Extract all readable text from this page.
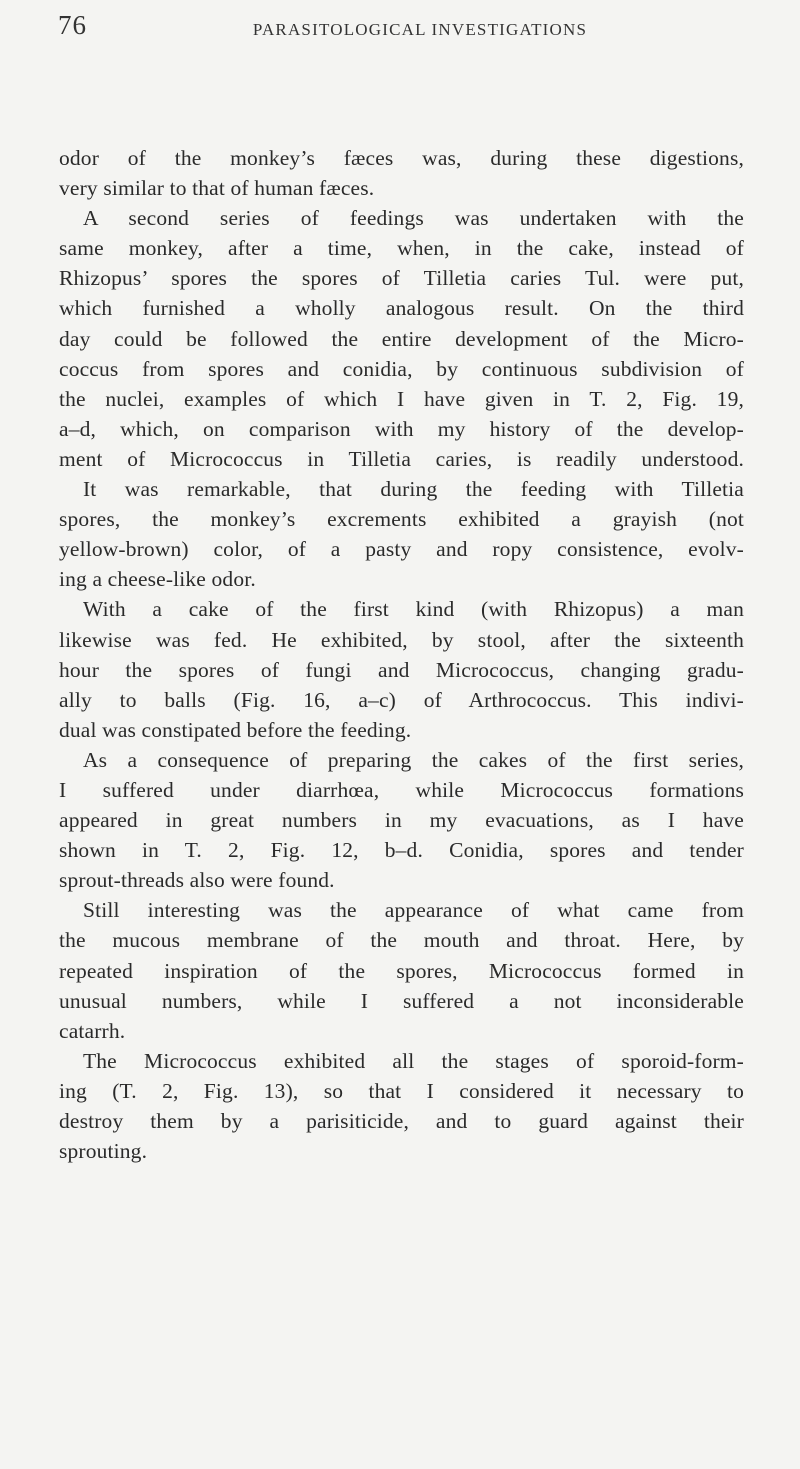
76	PARASITOLOGICAL INVESTIGATIONS
odor of the monkey’s fæces was, during these digestions,
very similar to that of human fæces.
A second series of feedings was undertaken with the
same monkey, after a time, when, in the cake, instead of
Rhizopus’ spores the spores of Tilletia caries Tul. were put,
which furnished a wholly analogous result. On the third
day could be followed the entire development of the Micro-
coccus from spores and conidia, by continuous subdivision of
the nuclei, examples of which I have given in T. 2, Fig. 19,
a–d, which, on comparison with my history of the develop-
ment of Micrococcus in Tilletia caries, is readily understood.
It was remarkable, that during the feeding with Tilletia
spores, the monkey’s excrements exhibited a grayish (not
yellow-brown) color, of a pasty and ropy consistence, evolv-
ing a cheese-like odor.
With a cake of the first kind (with Rhizopus) a man
likewise was fed. He exhibited, by stool, after the sixteenth
hour the spores of fungi and Micrococcus, changing gradu-
ally to balls (Fig. 16, a–c) of Arthrococcus. This indivi-
dual was constipated before the feeding.
As a consequence of preparing the cakes of the first series,
I suffered under diarrhœa, while Micrococcus formations
appeared in great numbers in my evacuations, as I have
shown in T. 2, Fig. 12, b–d. Conidia, spores and tender
sprout-threads also were found.
Still interesting was the appearance of what came from
the mucous membrane of the mouth and throat. Here, by
repeated inspiration of the spores, Micrococcus formed in
unusual numbers, while I suffered a not inconsiderable
catarrh.
The Micrococcus exhibited all the stages of sporoid-form-
ing (T. 2, Fig. 13), so that I considered it necessary to
destroy them by a parisiticide, and to guard against their
sprouting.
